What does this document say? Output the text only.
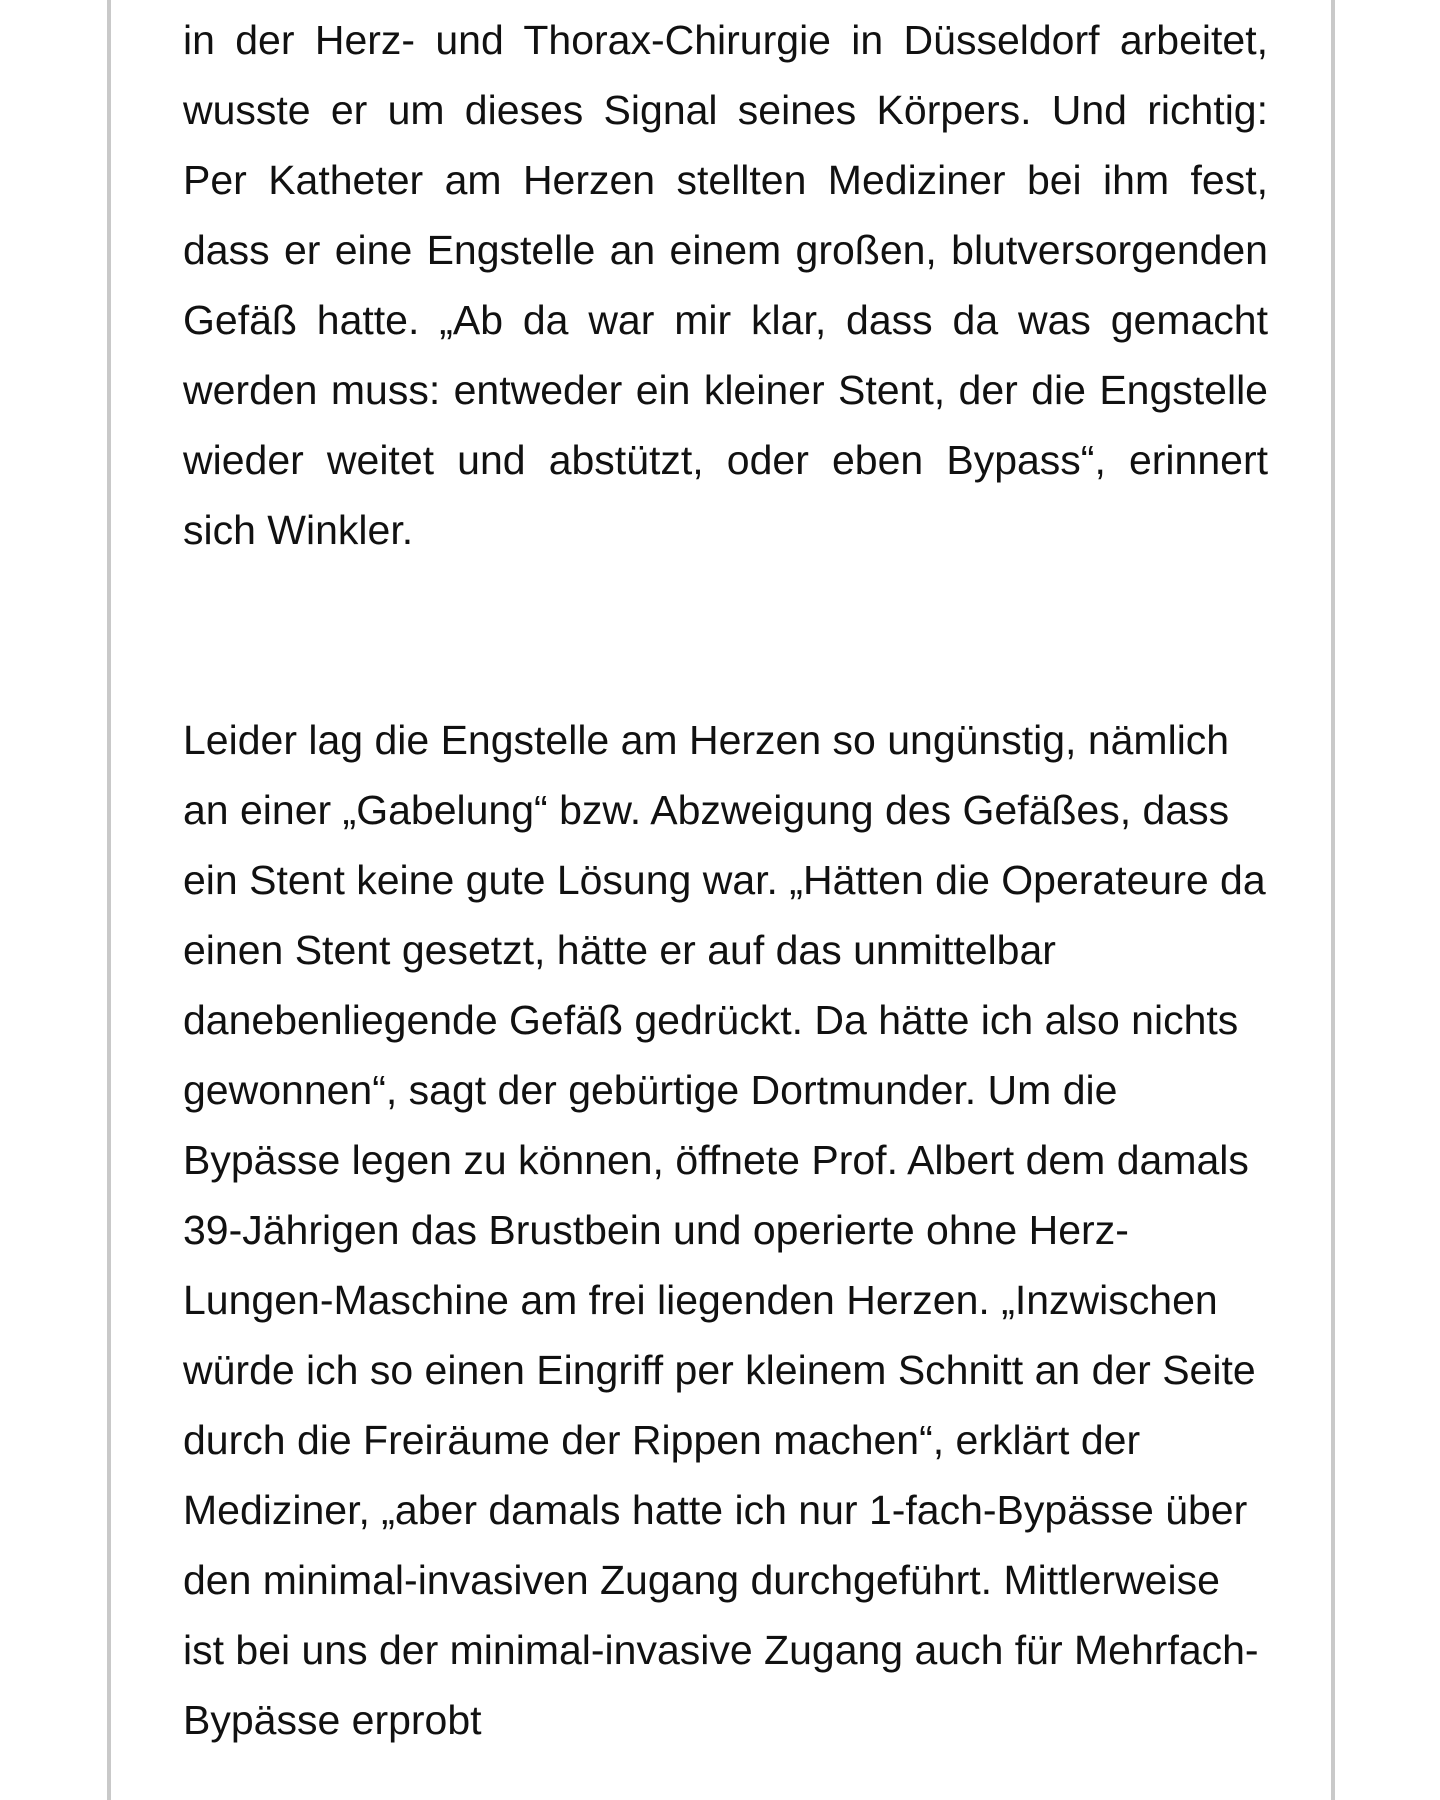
in der Herz- und Thorax-Chirurgie in Düsseldorf arbeitet, wusste er um dieses Signal seines Körpers. Und richtig: Per Katheter am Herzen stellten Mediziner bei ihm fest, dass er eine Engstelle an einem großen, blutversorgenden Gefäß hatte. „Ab da war mir klar, dass da was gemacht werden muss: entweder ein kleiner Stent, der die Engstelle wieder weitet und abstützt, oder eben Bypass“, erinnert sich Winkler.

Leider lag die Engstelle am Herzen so ungünstig, nämlich an einer „Gabelung“ bzw. Abzweigung des Gefäßes, dass ein Stent keine gute Lösung war. „Hätten die Operateure da einen Stent gesetzt, hätte er auf das unmittelbar danebenliegende Gefäß gedrückt. Da hätte ich also nichts gewonnen“, sagt der gebürtige Dortmunder. Um die Bypässe legen zu können, öffnete Prof. Albert dem damals 39-Jährigen das Brustbein und operierte ohne Herz-Lungen-Maschine am frei liegenden Herzen. „Inzwischen würde ich so einen Eingriff per kleinem Schnitt an der Seite durch die Freiräume der Rippen machen“, erklärt der Mediziner, „aber damals hatte ich nur 1-fach-Bypässe über den minimal-invasiven Zugang durchgeführt. Mittlerweise ist bei uns der minimal-invasive Zugang auch für Mehrfach-Bypässe erprobt
